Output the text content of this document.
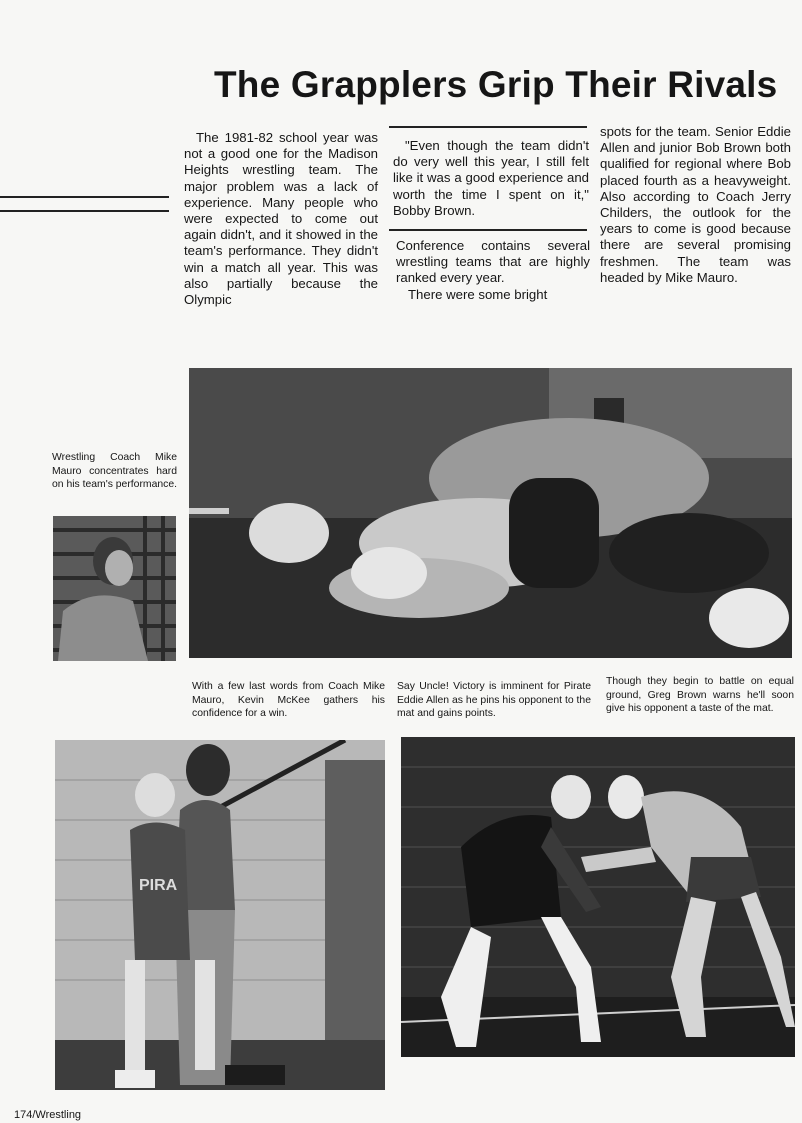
The Grapplers Grip Their Rivals

The 1981-82 school year was not a good one for the Madison Heights wrestling team. The major problem was a lack of experience. Many people who were expected to come out again didn't, and it showed in the team's performance. They didn't win a match all year. This was also partially because the Olympic

"Even though the team didn't do very well this year, I still felt like it was a good experience and worth the time I spent on it," Bobby Brown.

Conference contains several wrestling teams that are highly ranked every year.

There were some bright

spots for the team. Senior Eddie Allen and junior Bob Brown both qualified for regional where Bob placed fourth as a heavyweight. Also according to Coach Jerry Childers, the outlook for the years to come is good because there are several promising freshmen. The team was headed by Mike Mauro.

Wrestling Coach Mike Mauro concentrates hard on his team's performance.

With a few last words from Coach Mike Mauro, Kevin McKee gathers his confidence for a win.

Say Uncle! Victory is imminent for Pirate Eddie Allen as he pins his opponent to the mat and gains points.

Though they begin to battle on equal ground, Greg Brown warns he'll soon give his opponent a taste of the mat.

PIRA
174/Wrestling
